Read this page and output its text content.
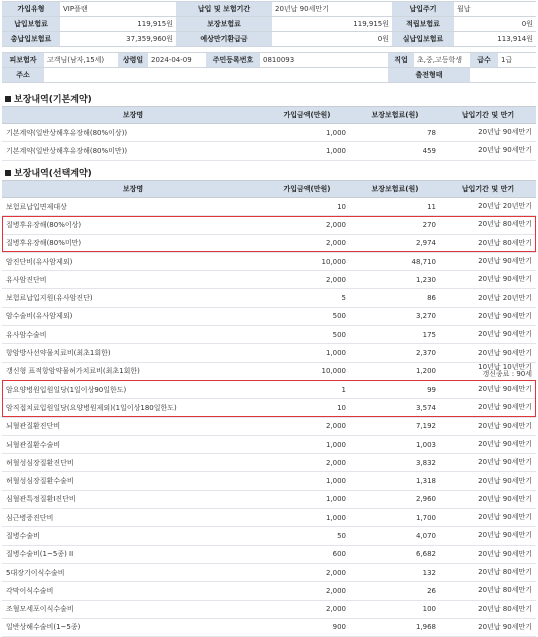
가입유형	VIP플랜	납입 및 보험기간	20년납 90세만기	납입주기	월납
납입보험료	119,915원	보장보험료	119,915원	적립보험료	0원
총납입보험료	37,359,960원	예상만기환급금	0원	실납입보험료	113,914원
피보험자	고객님(남자,15세)	상령일	2024-04-09	주민등록번호	0810093	직업	초,중,고등학생	급수	1급
주소						출전형태			
보장내역(기본계약)
보장명	가입금액(만원)	보장보험료(원)	납입기간 및 만기
기본계약(일반상해후유장해(80%이상))	1,000	78	20년납 90세만기
기본계약(일반상해후유장해(80%미만))	1,000	459	20년납 90세만기
보장내역(선택계약)
보장명	가입금액(만원)	보장보험료(원)	납입기간 및 만기
보험료납입면제대상	10	11	20년납 20년만기
질병후유장해(80%이상)	2,000	270	20년납 80세만기
질병후유장해(80%미만)	2,000	2,974	20년납 80세만기
암진단비(유사암제외)	10,000	48,710	20년납 90세만기
유사암진단비	2,000	1,230	20년납 90세만기
보험료납입지원(유사암진단)	5	86	20년납 20년만기
암수술비(유사암제외)	500	3,270	20년납 90세만기
유사암수술비	500	175	20년납 90세만기
항암방사선약물치료비(최초1회한)	1,000	2,370	20년납 90세만기
갱신형 표적항암약물허가치료비(최초1회한)	10,000	1,200	10년납 10년만기
갱신종료 : 90세

암요양병원입원일당(1일이상90일한도)	1	99	20년납 90세만기
암직접치료입원일당(요양병원제외)(1일이상180일한도)	10	3,574	20년납 90세만기
뇌혈관질환진단비	2,000	7,192	20년납 90세만기
뇌혈관질환수술비	1,000	1,003	20년납 90세만기
허혈성심장질환진단비	2,000	3,832	20년납 90세만기
허혈성심장질환수술비	1,000	1,318	20년납 90세만기
심혈관특정질환Ⅰ진단비	1,000	2,960	20년납 90세만기
심근병증진단비	1,000	1,700	20년납 90세만기
질병수술비	50	4,070	20년납 90세만기
질병수술비(1~5종) II	600	6,682	20년납 90세만기
5대장기이식수술비	2,000	132	20년납 80세만기
각막이식수술비	2,000	26	20년납 80세만기
조혈모세포이식수술비	2,000	100	20년납 80세만기
일반상해수술비(1~5종)	900	1,968	20년납 90세만기
